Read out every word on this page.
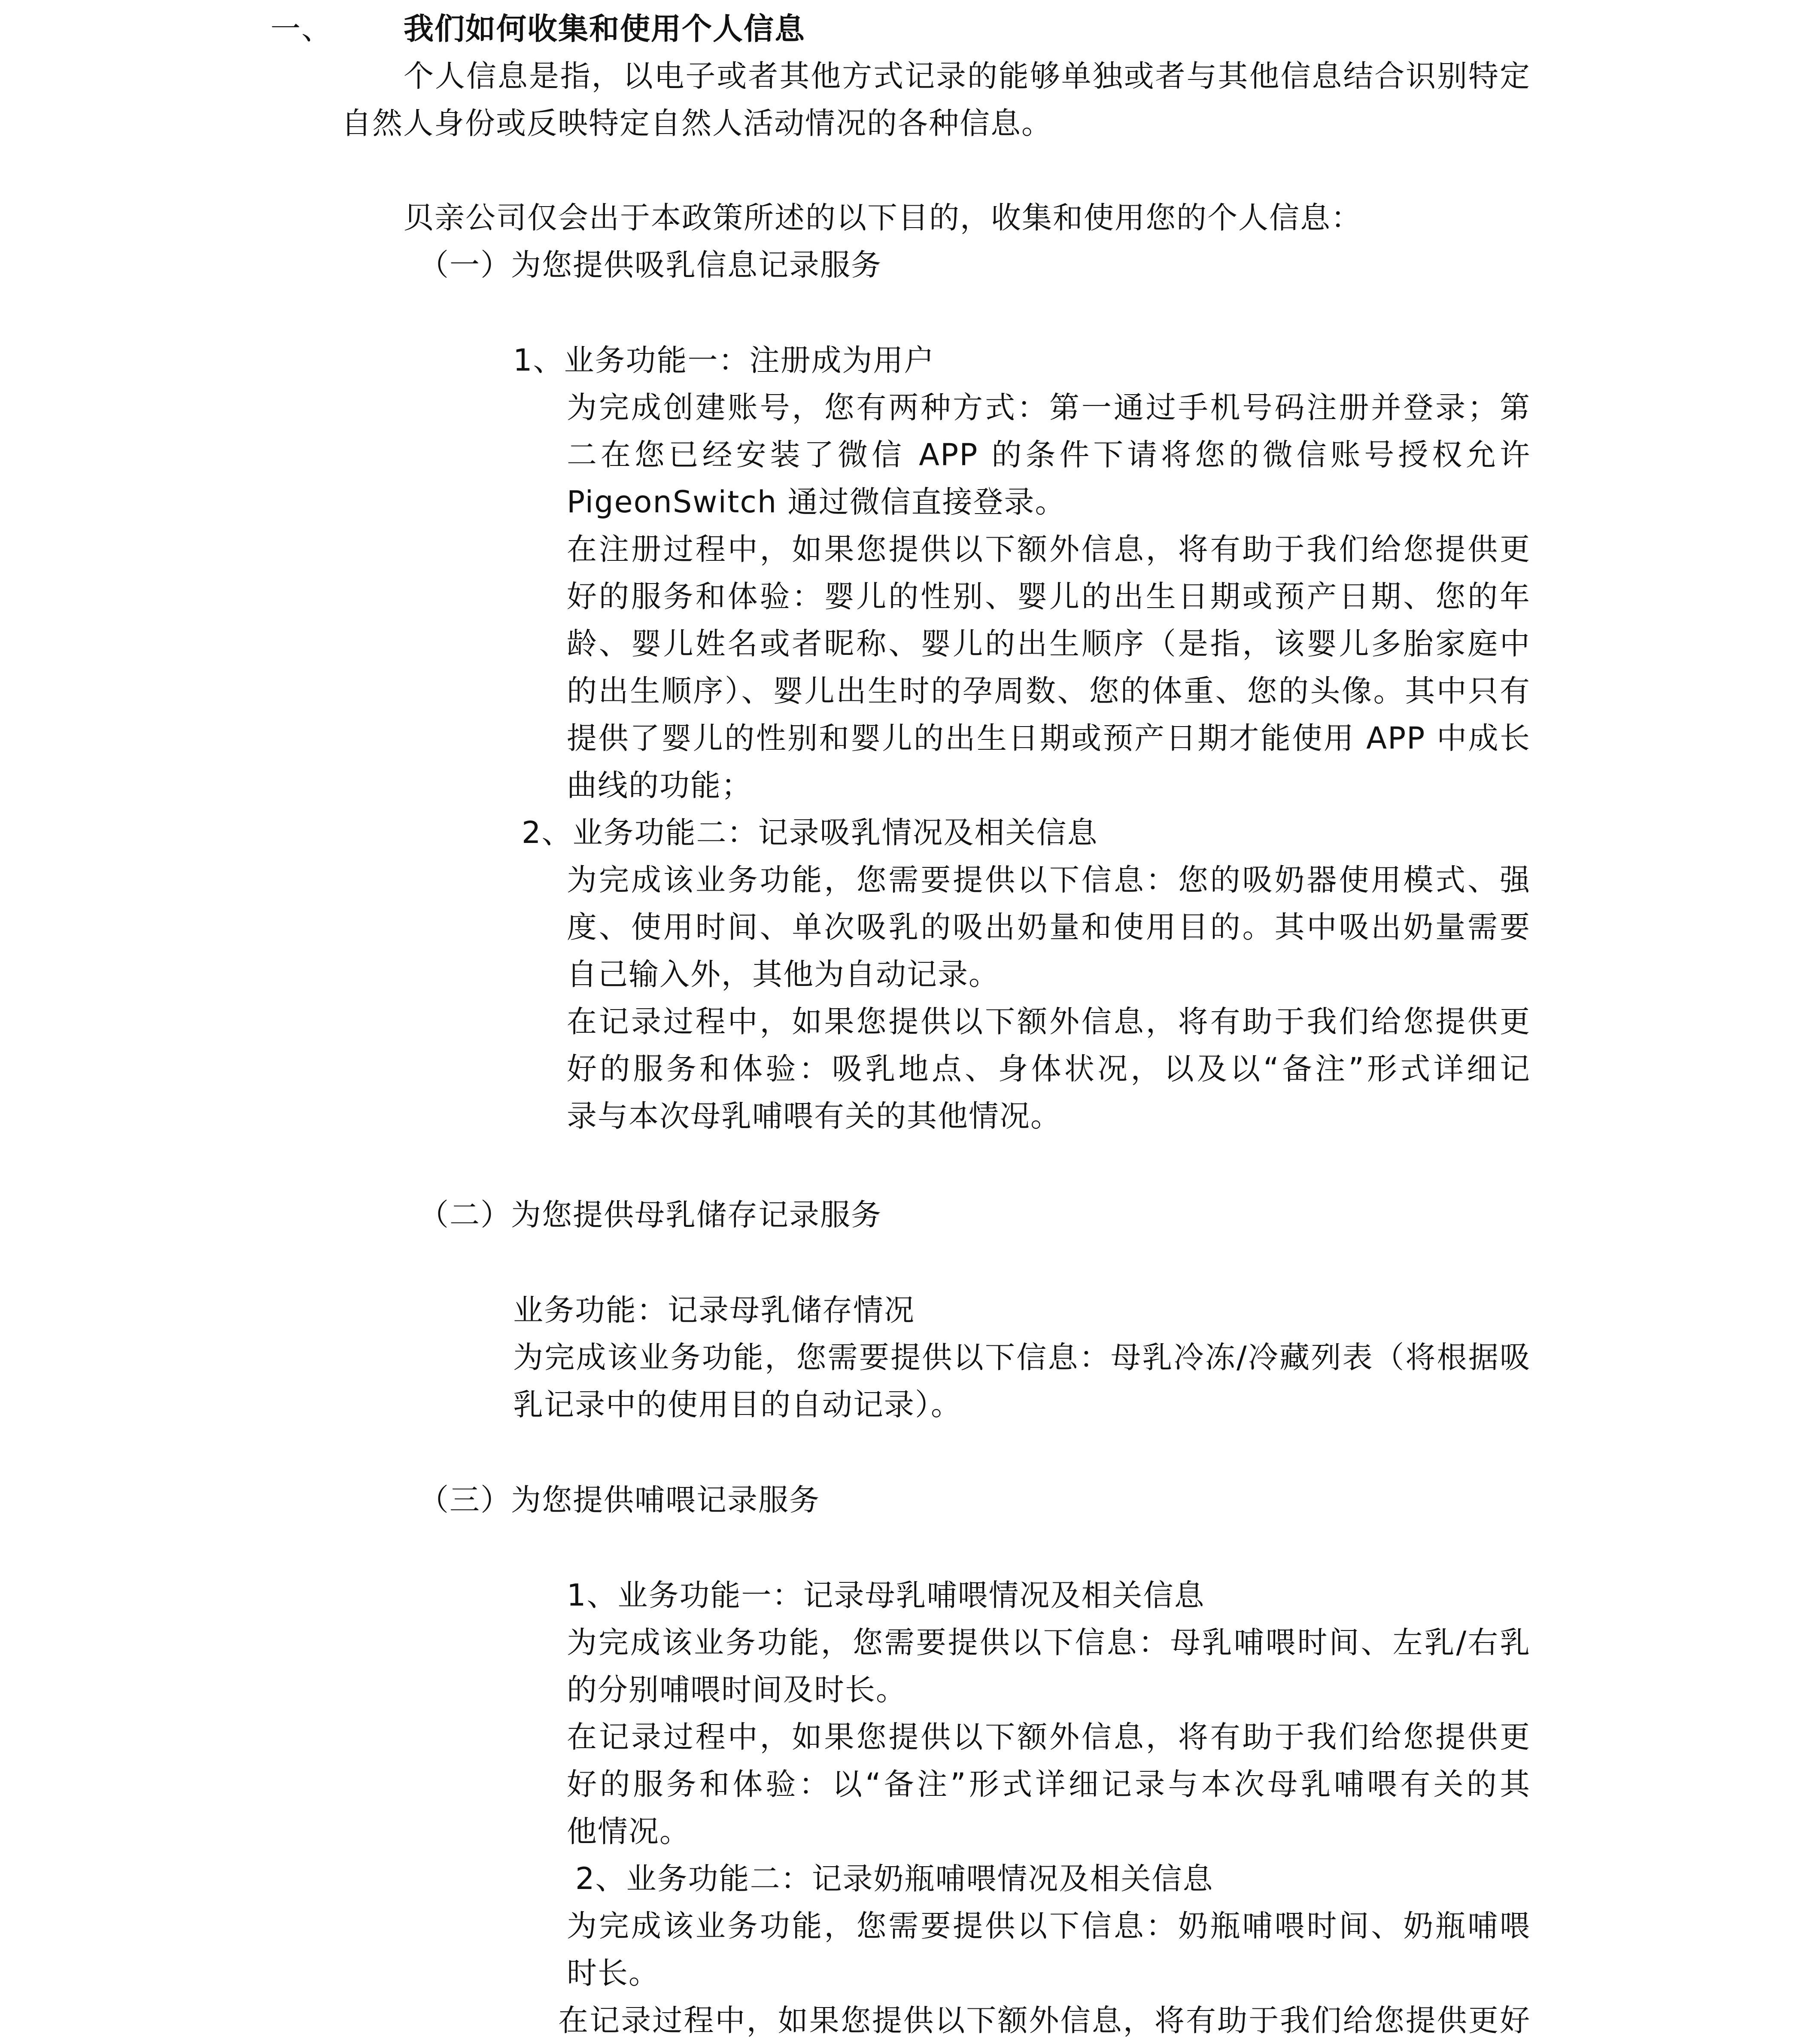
一、 我们如何收集和使用个人信息
个人信息是指，以电子或者其他方式记录的能够单独或者与其他信息结合识别特定
自然人身份或反映特定自然人活动情况的各种信息。
贝亲公司仅会出于本政策所述的以下目的，收集和使用您的个人信息：
（一） 为您提供吸乳信息记录服务
1、业务功能一：注册成为用户
为完成创建账号，您有两种方式：第一通过手机号码注册并登录；第
二在您已经安装了微信 APP 的条件下请将您的微信账号授权允许
PigeonSwitch 通过微信直接登录。
在注册过程中，如果您提供以下额外信息，将有助于我们给您提供更
好的服务和体验：婴儿的性别、婴儿的出生日期或预产日期、您的年
龄、婴儿姓名或者昵称、婴儿的出生顺序（是指，该婴儿多胎家庭中
的出生顺序）、婴儿出生时的孕周数、您的体重、您的头像。其中只有
提供了婴儿的性别和婴儿的出生日期或预产日期才能使用 APP 中成长
曲线的功能；
2、业务功能二：记录吸乳情况及相关信息
为完成该业务功能，您需要提供以下信息：您的吸奶器使用模式、强
度、使用时间、单次吸乳的吸出奶量和使用目的。其中吸出奶量需要
自己输入外，其他为自动记录。
在记录过程中，如果您提供以下额外信息，将有助于我们给您提供更
好的服务和体验：吸乳地点、身体状况，以及以“备注”形式详细记
录与本次母乳哺喂有关的其他情况。
（二） 为您提供母乳储存记录服务
业务功能：记录母乳储存情况
为完成该业务功能，您需要提供以下信息：母乳冷冻/冷藏列表（将根据吸
乳记录中的使用目的自动记录）。
（三） 为您提供哺喂记录服务
1、业务功能一：记录母乳哺喂情况及相关信息
为完成该业务功能，您需要提供以下信息：母乳哺喂时间、左乳/右乳
的分别哺喂时间及时长。
在记录过程中，如果您提供以下额外信息，将有助于我们给您提供更
好的服务和体验：以“备注”形式详细记录与本次母乳哺喂有关的其
他情况。
2、业务功能二：记录奶瓶哺喂情况及相关信息
为完成该业务功能，您需要提供以下信息：奶瓶哺喂时间、奶瓶哺喂
时长。
在记录过程中，如果您提供以下额外信息，将有助于我们给您提供更好
